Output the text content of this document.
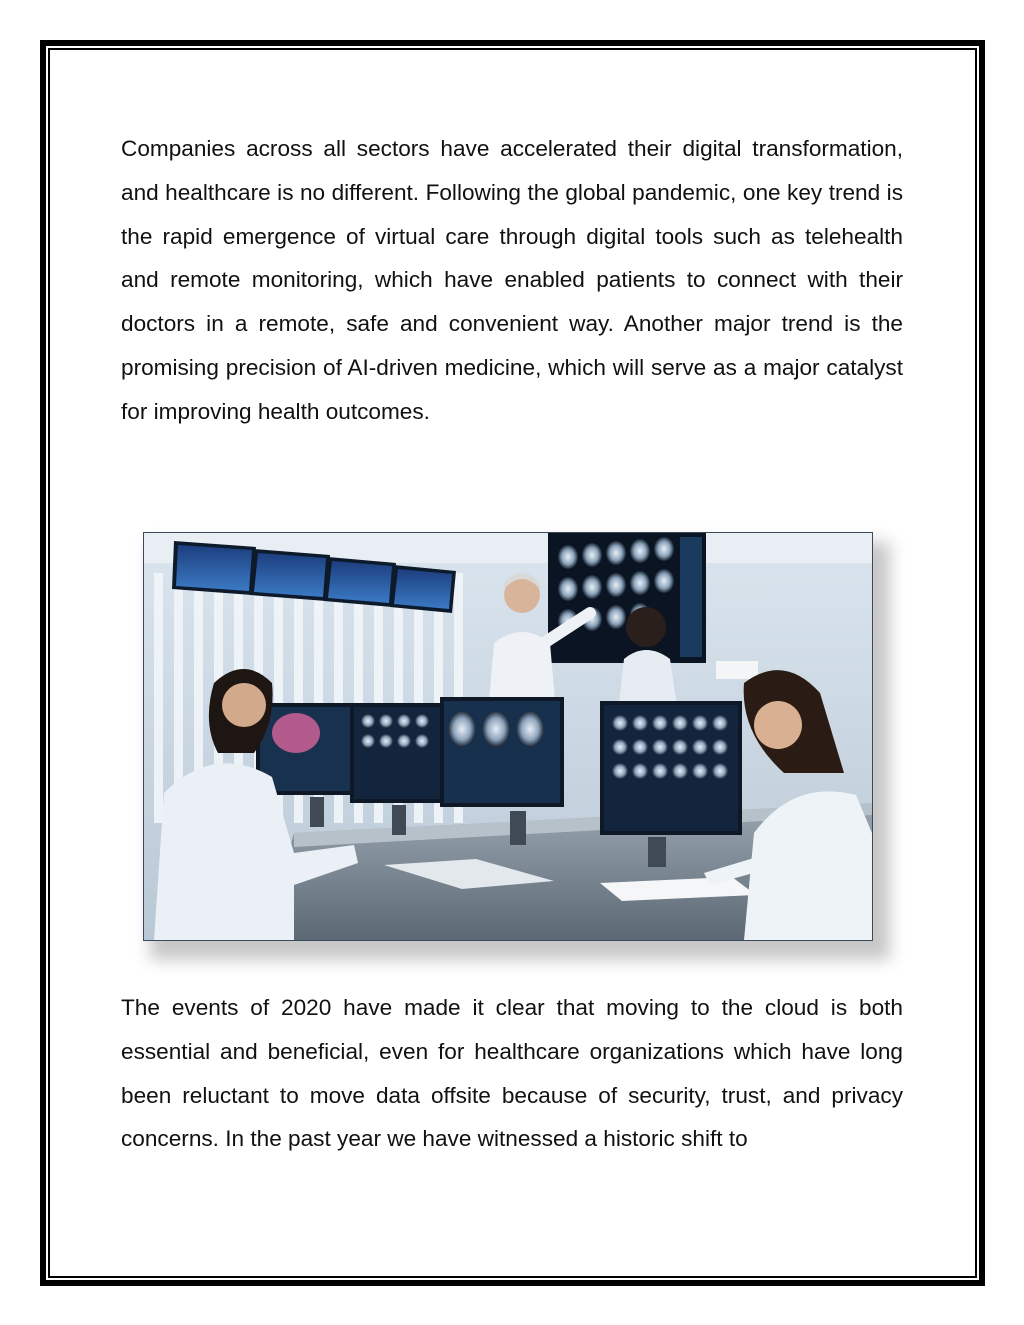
Companies across all sectors have accelerated their digital transformation, and healthcare is no different. Following the global pandemic, one key trend is the rapid emergence of virtual care through digital tools such as telehealth and remote monitoring, which have enabled patients to connect with their doctors in a remote, safe and convenient way. Another major trend is the promising precision of AI-driven medicine, which will serve as a major catalyst for improving health outcomes.

The events of 2020 have made it clear that moving to the cloud is both essential and beneficial, even for healthcare organizations which have long been reluctant to move data offsite because of security, trust, and privacy concerns. In the past year we have witnessed a historic shift to
